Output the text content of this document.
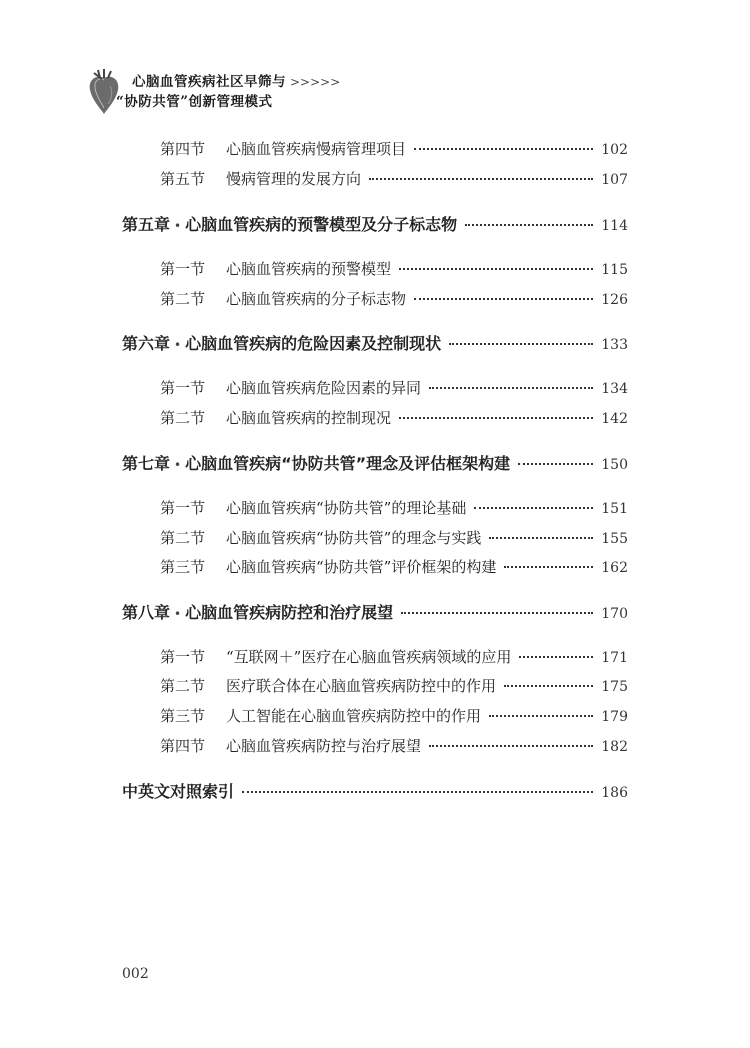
心脑血管疾病社区早筛与 >>>>>
“协防共管”创新管理模式
第四节	心脑血管疾病慢病管理项目	102
第五节	慢病管理的发展方向	107
第五章 • 心脑血管疾病的预警模型及分子标志物	114
第一节	心脑血管疾病的预警模型	115
第二节	心脑血管疾病的分子标志物	126
第六章 • 心脑血管疾病的危险因素及控制现状	133
第一节	心脑血管疾病危险因素的异同	134
第二节	心脑血管疾病的控制现况	142
第七章 • 心脑血管疾病“协防共管”理念及评估框架构建	150
第一节	心脑血管疾病“协防共管”的理论基础	151
第二节	心脑血管疾病“协防共管”的理念与实践	155
第三节	心脑血管疾病“协防共管”评价框架的构建	162
第八章 • 心脑血管疾病防控和治疗展望	170
第一节	“互联网＋”医疗在心脑血管疾病领域的应用	171
第二节	医疗联合体在心脑血管疾病防控中的作用	175
第三节	人工智能在心脑血管疾病防控中的作用	179
第四节	心脑血管疾病防控与治疗展望	182
中英文对照索引	186
002
